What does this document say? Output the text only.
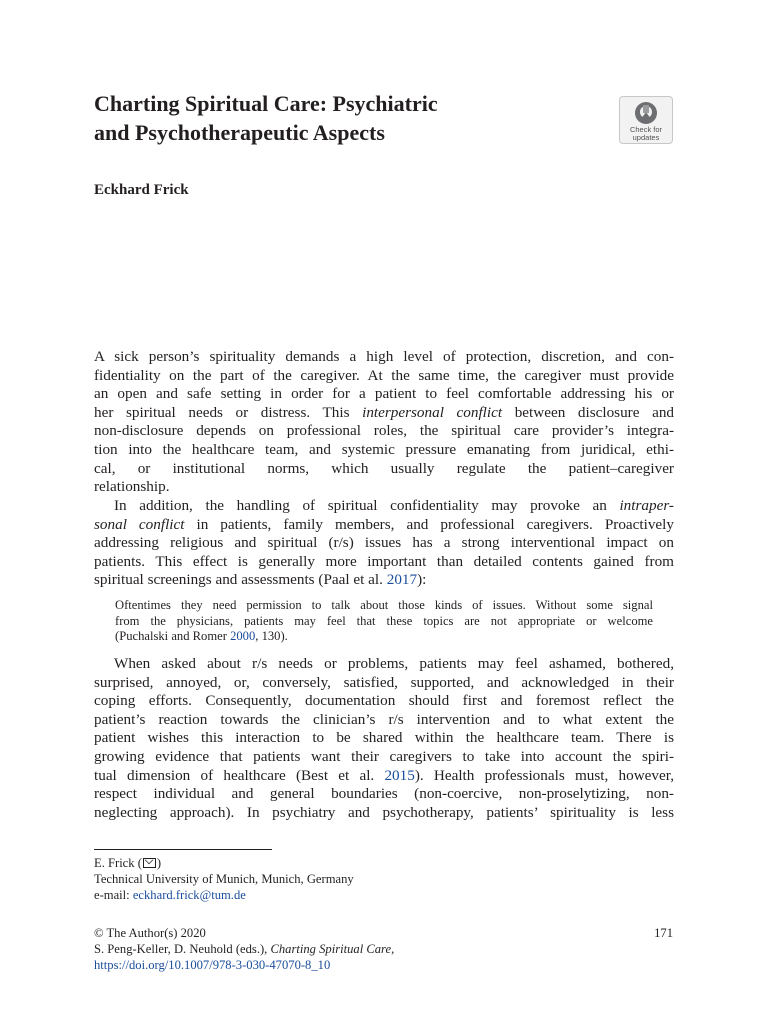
Charting Spiritual Care: Psychiatric
and Psychotherapeutic Aspects	Check for
updates

Eckhard Frick

A sick person’s spirituality demands a high level of protection, discretion, and con-
fidentiality on the part of the caregiver. At the same time, the caregiver must provide
an open and safe setting in order for a patient to feel comfortable addressing his or
her spiritual needs or distress. This interpersonal conflict between disclosure and
non-disclosure depends on professional roles, the spiritual care provider’s integra-
tion into the healthcare team, and systemic pressure emanating from juridical, ethi-
cal, or institutional norms, which usually regulate the patient–caregiver
relationship.
In addition, the handling of spiritual confidentiality may provoke an intraper-
sonal conflict in patients, family members, and professional caregivers. Proactively
addressing religious and spiritual (r/s) issues has a strong interventional impact on
patients. This effect is generally more important than detailed contents gained from
spiritual screenings and assessments (Paal et al. 2017):
Oftentimes they need permission to talk about those kinds of issues. Without some signal
from the physicians, patients may feel that these topics are not appropriate or welcome
(Puchalski and Romer 2000, 130).
When asked about r/s needs or problems, patients may feel ashamed, bothered,
surprised, annoyed, or, conversely, satisfied, supported, and acknowledged in their
coping efforts. Consequently, documentation should first and foremost reflect the
patient’s reaction towards the clinician’s r/s intervention and to what extent the
patient wishes this interaction to be shared within the healthcare team. There is
growing evidence that patients want their caregivers to take into account the spiri-
tual dimension of healthcare (Best et al. 2015). Health professionals must, however,
respect individual and general boundaries (non-coercive, non-proselytizing, non-
neglecting approach). In psychiatry and psychotherapy, patients’ spirituality is less
E. Frick ( )
Technical University of Munich, Munich, Germany
e-mail: eckhard.frick@tum.de
© The Author(s) 2020
S. Peng-Keller, D. Neuhold (eds.), Charting Spiritual Care,
https://doi.org/10.1007/978-3-030-47070-8_10

171
